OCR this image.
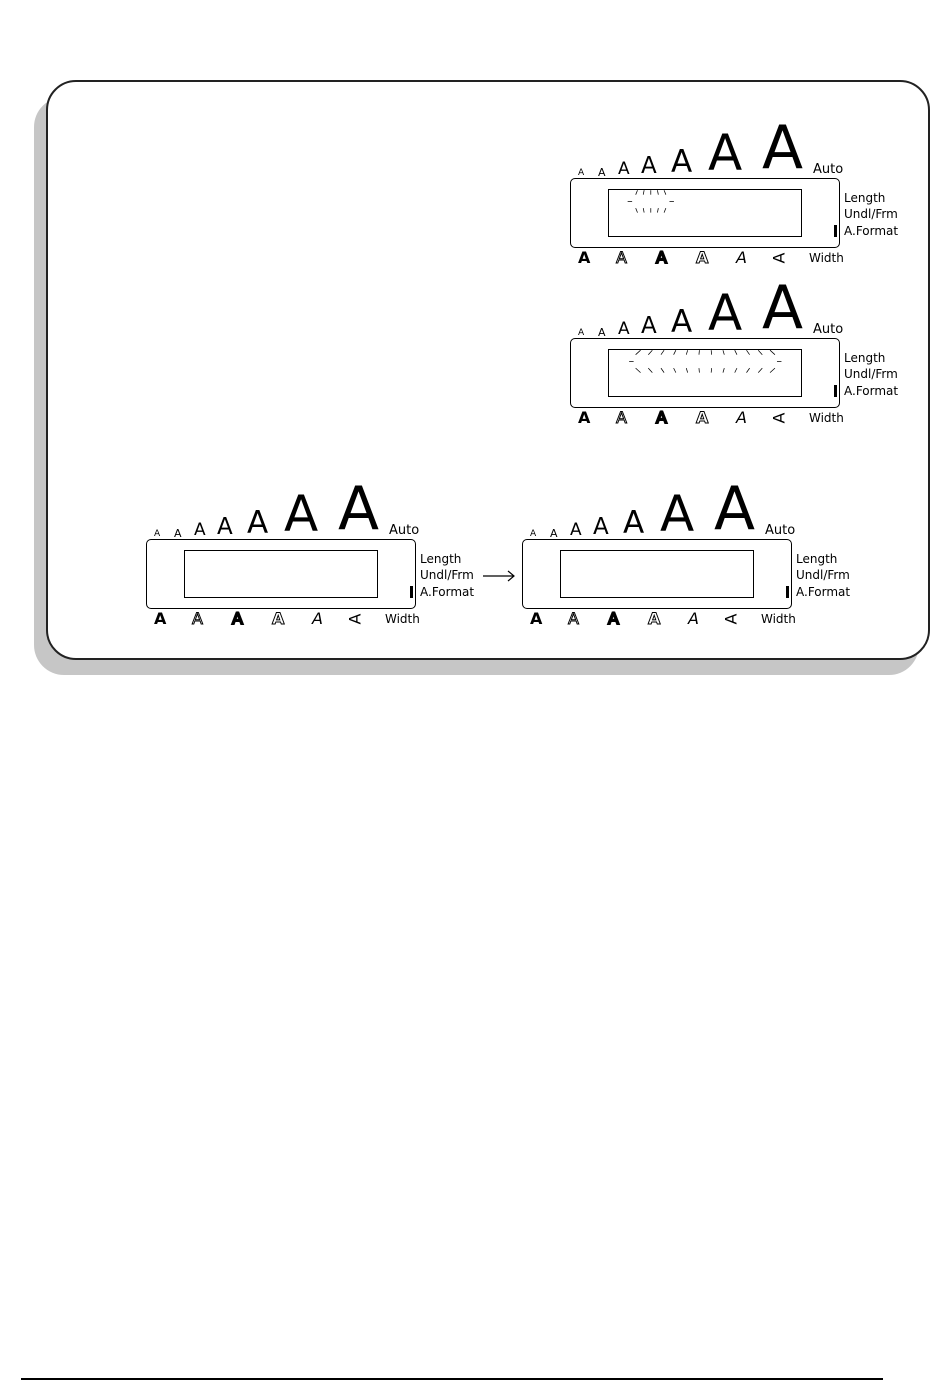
A A A A A A A Auto
Length
Undl/Frm
A.Format
A A A A A A Width
A A A A A A A Auto
Length
Undl/Frm
A.Format
A A A A A A Width
A A A A A A A Auto
Length
Undl/Frm
A.Format
A A A A A A Width
A A A A A A A Auto
Length
Undl/Frm
A.Format
A A A A A A Width
